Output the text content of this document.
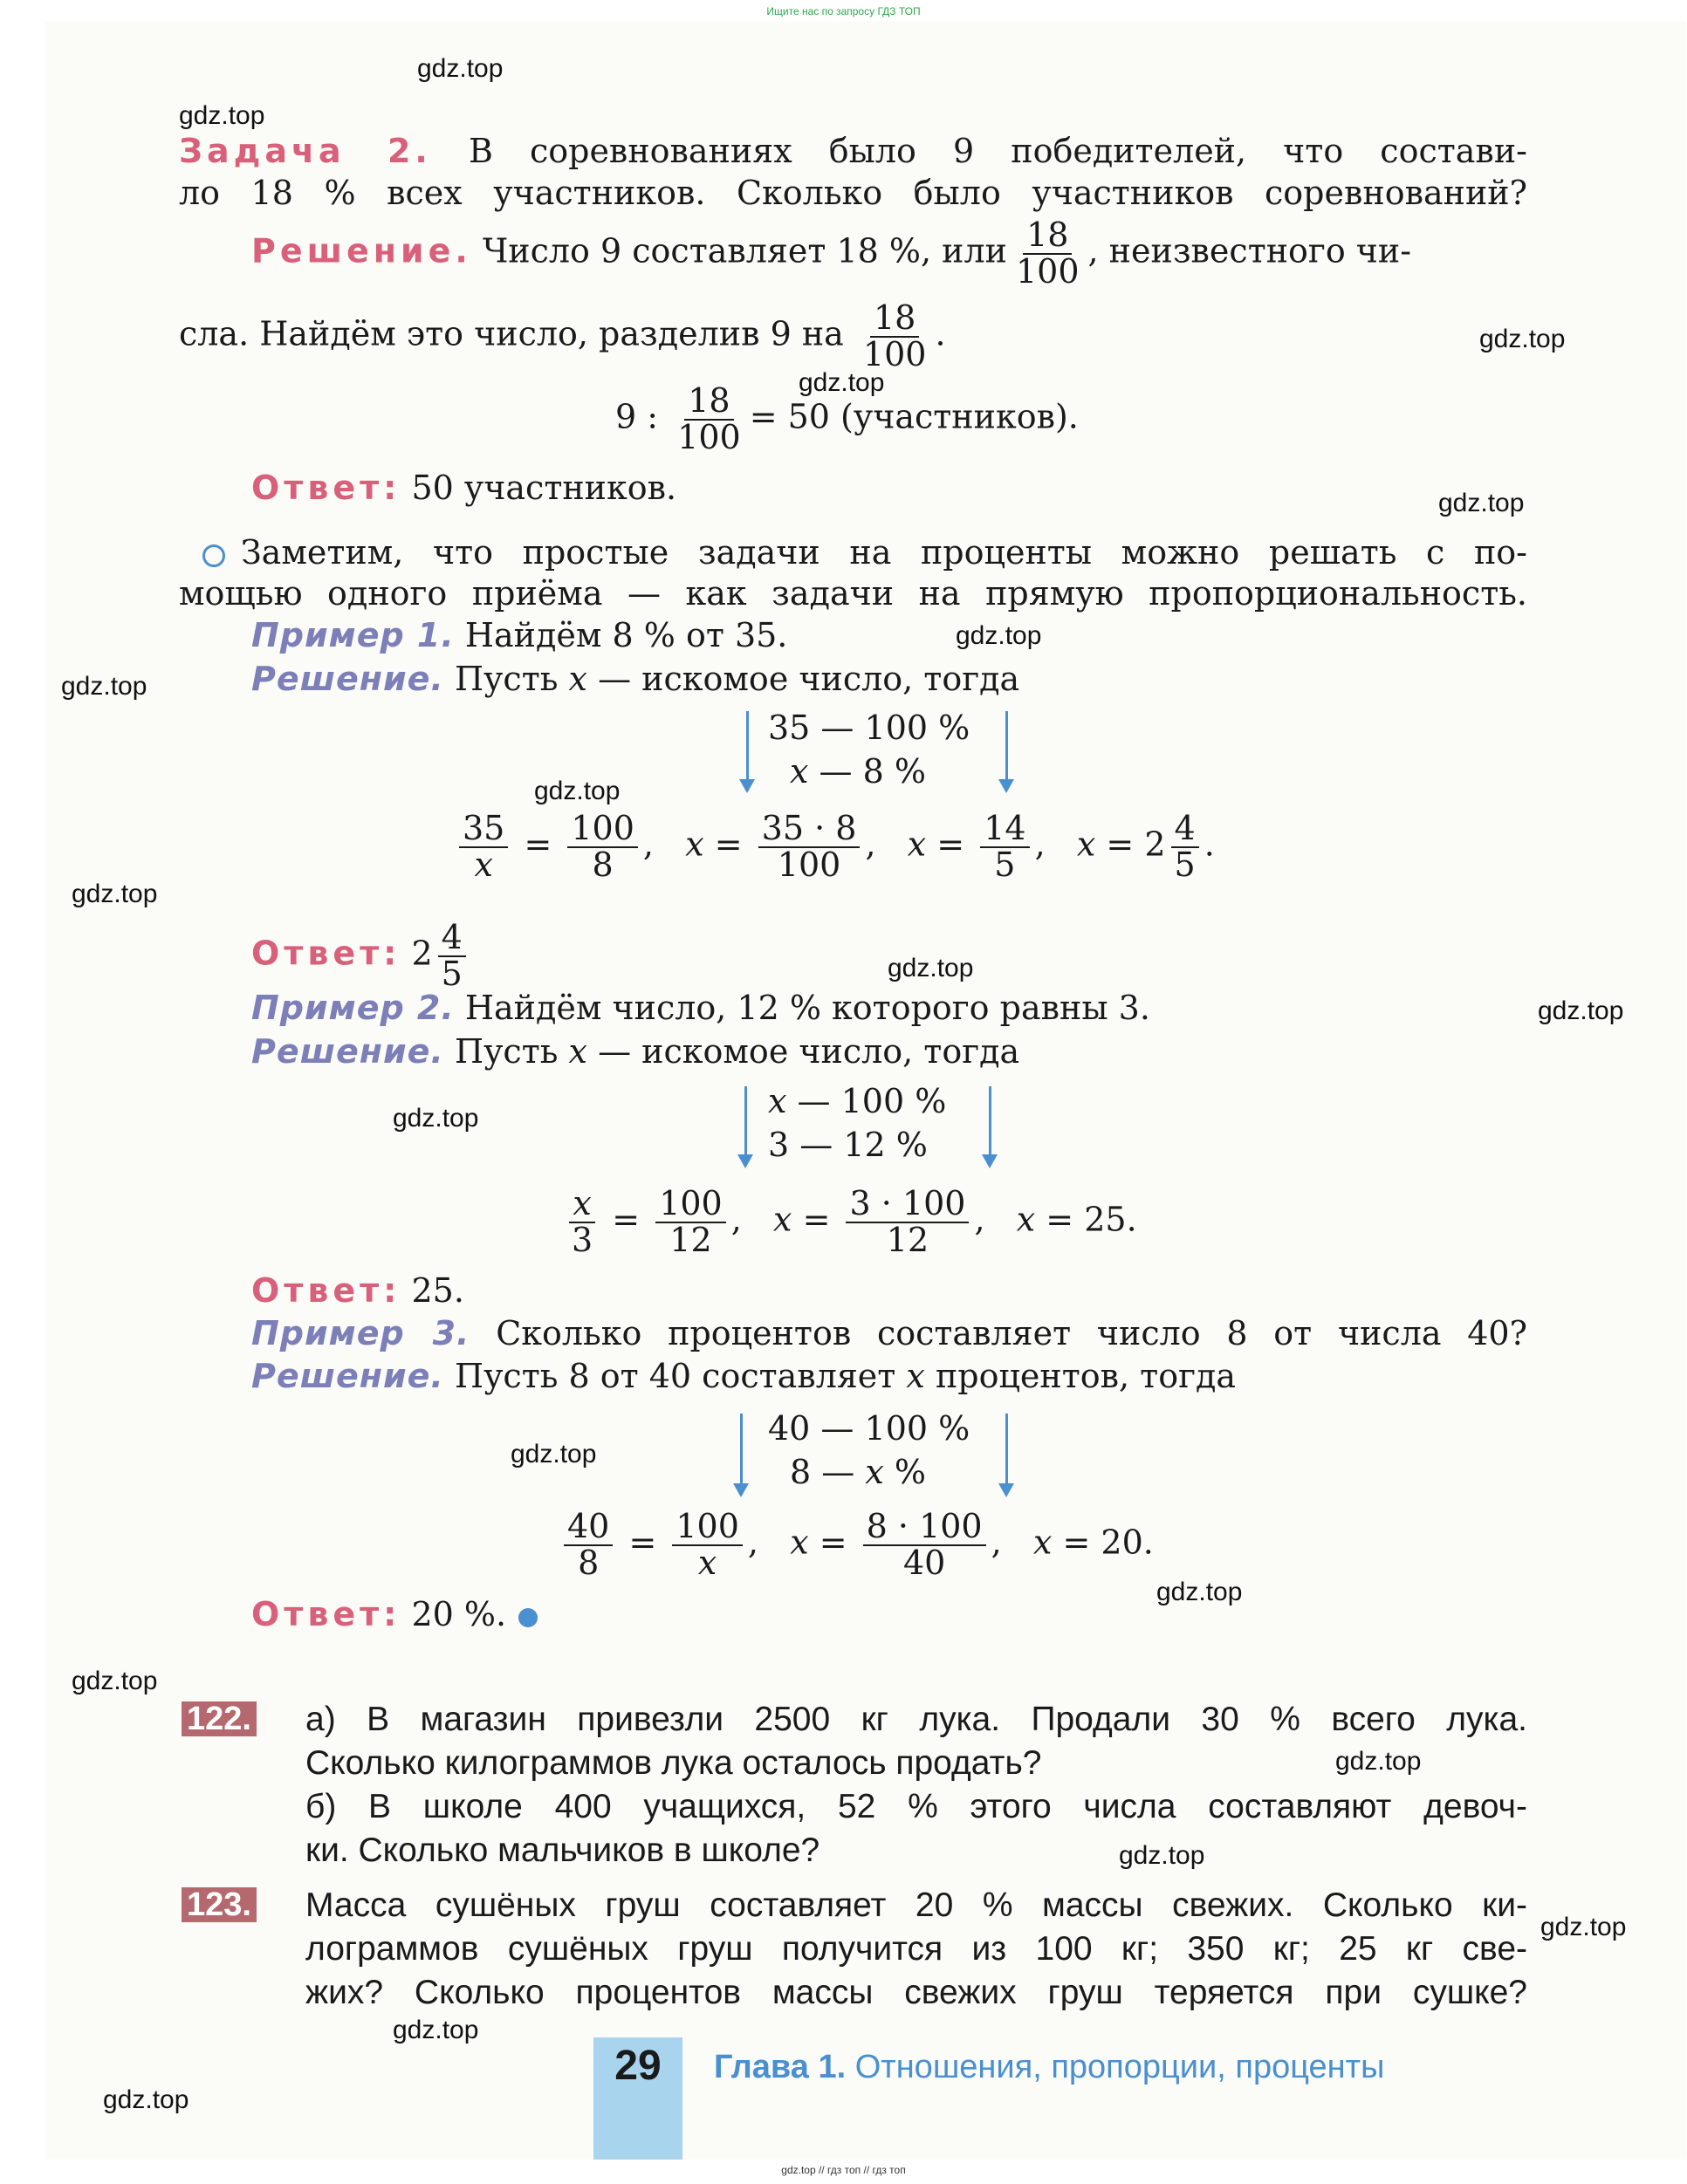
Ищите нас по запросу ГДЗ ТОП
Задача 2. В соревнованиях было 9 победителей, что состави-
ло 18 % всех участников. Сколько было участников соревнований?
Решение. Число 9 составляет 18 %, или $\frac{18}{100}$ , неизвестного чи-
сла. Найдём это число, разделив 9 на $\frac{18}{100}$ .
9 : $\frac{18}{100} = 50$ (участников).
Ответ: 50 участников.
Заметим, что простые задачи на проценты можно решать с по-
мощью одного приёма — как задачи на прямую пропорциональность.
Пример 1. Найдём 8 % от 35.
Решение. Пусть x — искомое число, тогда
35 — 100 %
x — 8 %
$\frac{35}{x} = \frac{100}{8}$ ,   $x = \frac{35 \cdot 8}{100}$ ,   $x = \frac{14}{5}$ ,   $x = 2 \frac{4}{5}$ .
Ответ: $2 \frac{4}{5}$
Пример 2. Найдём число, 12 % которого равны 3.
Решение. Пусть x — искомое число, тогда
x — 100 %
3 — 12 %
$\frac{x}{3} = \frac{100}{12}$ ,   $x = \frac{3 \cdot 100}{12}$ ,   x = 25.
Ответ: 25.
Пример 3. Сколько процентов составляет число 8 от числа 40?
Решение. Пусть 8 от 40 составляет x процентов, тогда
40 — 100 %
8 — x %
$\frac{40}{8} = \frac{100}{x}$ ,   $x = \frac{8 \cdot 100}{40}$ ,   x = 20.
Ответ: 20 %.
122. а) В магазин привезли 2500 кг лука. Продали 30 % всего лука.
Сколько килограммов лука осталось продать?
б) В школе 400 учащихся, 52 % этого числа составляют девоч-
ки. Сколько мальчиков в школе?
123. Масса сушёных груш составляет 20 % массы свежих. Сколько ки-
лограммов сушёных груш получится из 100 кг; 350 кг; 25 кг све-
жих? Сколько процентов массы свежих груш теряется при сушке?
29	Глава 1. Отношения, пропорции, проценты
gdz.top
gdz.top
gdz.top
gdz.top
gdz.top
gdz.top
gdz.top
gdz.top
gdz.top
gdz.top
gdz.top
gdz.top
gdz.top
gdz.top
gdz.top
gdz.top
gdz.top
gdz.top
gdz.top
gdz.top
gdz.top // гдз топ // гдз топ
